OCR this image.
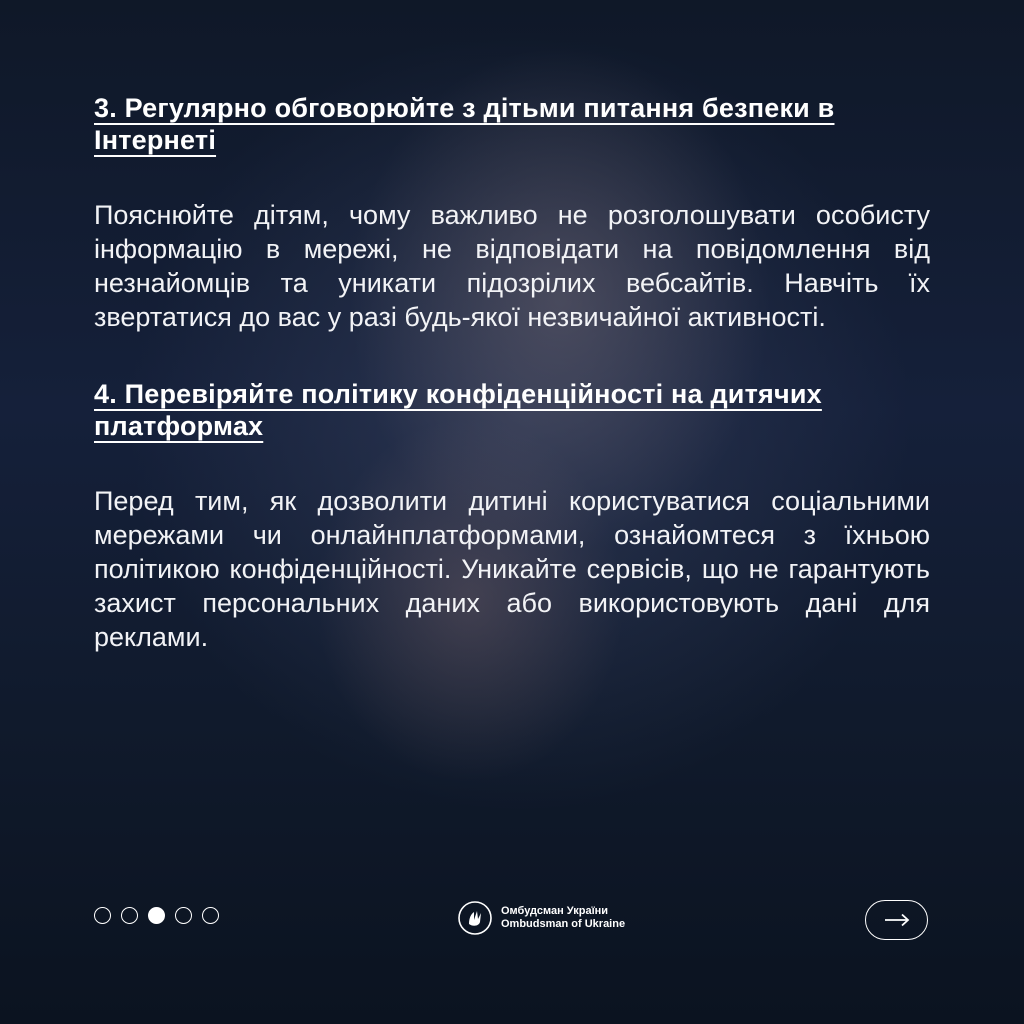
3. Регулярно обговорюйте з дітьми питання безпеки в Інтернеті

Пояснюйте дітям, чому важливо не розголошувати особисту інформацію в мережі, не відповідати на повідомлення від незнайомців та уникати підозрілих вебсайтів. Навчіть їх звертатися до вас у разі будь-якої незвичайної активності.

4. Перевіряйте політику конфіденційності на дитячих платформах

Перед тим, як дозволити дитині користуватися соціальними мережами чи онлайнплатформами, ознайомтеся з їхньою політикою конфіденційності. Уникайте сервісів, що не гарантують захист персональних даних або використовують дані для реклами.

Омбудсман України
Ombudsman of Ukraine
